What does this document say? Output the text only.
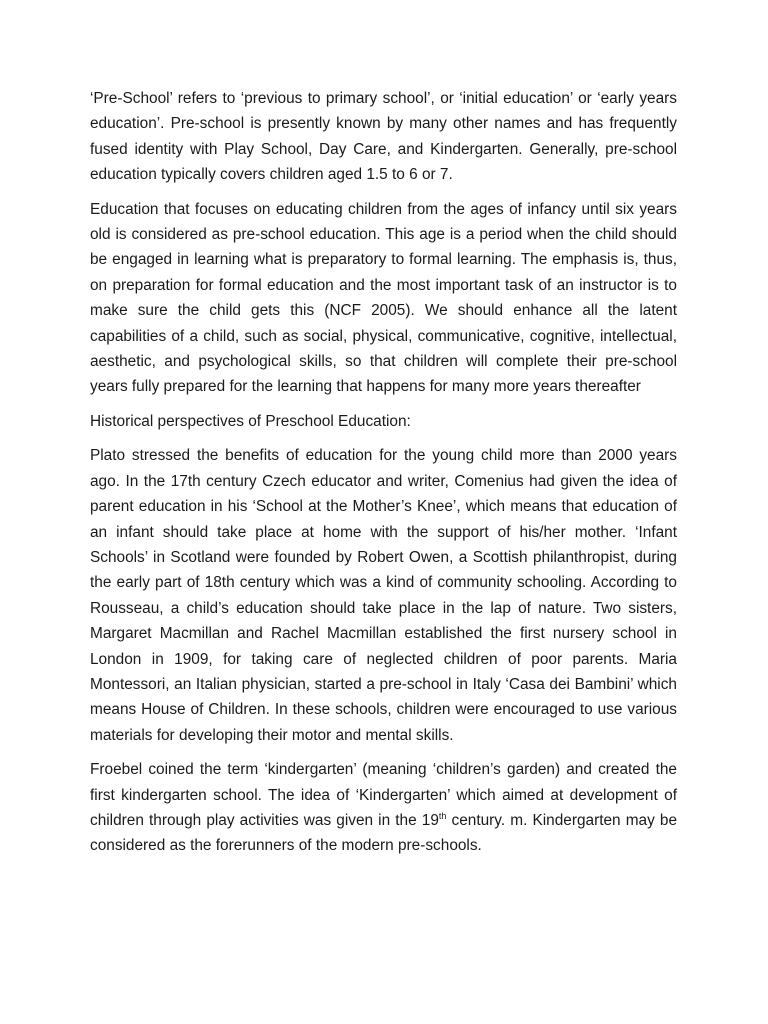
‘Pre-School’ refers to ‘previous to primary school’, or ‘initial education’ or ‘early years education’. Pre-school is presently known by many other names and has frequently fused identity with Play School, Day Care, and Kindergarten. Generally, pre-school education typically covers children aged 1.5 to 6 or 7.

Education that focuses on educating children from the ages of infancy until six years old is considered as pre-school education. This age is a period when the child should be engaged in learning what is preparatory to formal learning. The emphasis is, thus, on preparation for formal education and the most important task of an instructor is to make sure the child gets this (NCF 2005). We should enhance all the latent capabilities of a child, such as social, physical, communicative, cognitive, intellectual, aesthetic, and psychological skills, so that children will complete their pre-school years fully prepared for the learning that happens for many more years thereafter

Historical perspectives of Preschool Education:

Plato stressed the benefits of education for the young child more than 2000 years ago. In the 17th century Czech educator and writer, Comenius had given the idea of parent education in his ‘School at the Mother’s Knee’, which means that education of an infant should take place at home with the support of his/her mother. ‘Infant Schools’ in Scotland were founded by Robert Owen, a Scottish philanthropist, during the early part of 18th century which was a kind of community schooling. According to Rousseau, a child’s education should take place in the lap of nature. Two sisters, Margaret Macmillan and Rachel Macmillan established the first nursery school in London in 1909, for taking care of neglected children of poor parents. Maria Montessori, an Italian physician, started a pre-school in Italy ‘Casa dei Bambini’ which means House of Children. In these schools, children were encouraged to use various materials for developing their motor and mental skills.

Froebel coined the term ‘kindergarten’ (meaning ‘children’s garden) and created the first kindergarten school. The idea of ‘Kindergarten’ which aimed at development of children through play activities was given in the 19th century. m. Kindergarten may be considered as the forerunners of the modern pre-schools.
